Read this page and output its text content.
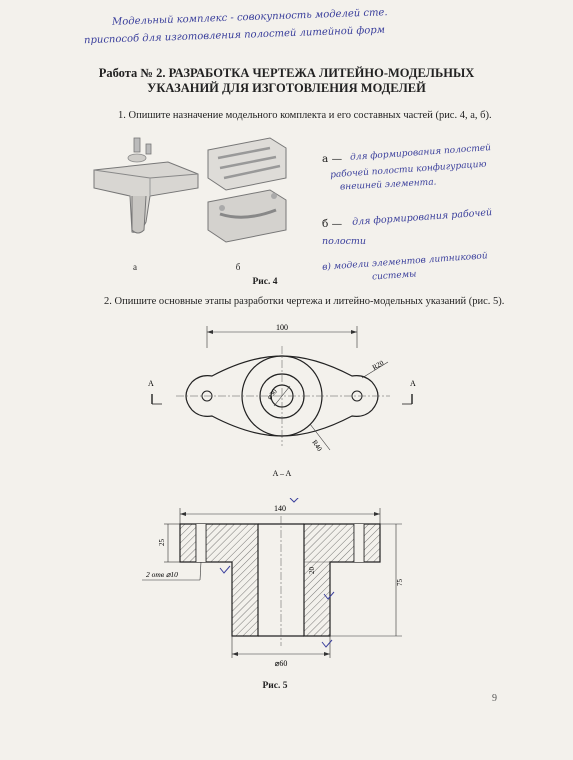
Модельный комплекс - совокупность моделей сте.
приспособ для изготовления полостей литейной форм
Работа № 2. РАЗРАБОТКА ЧЕРТЕЖА ЛИТЕЙНО-МОДЕЛЬНЫХ
УКАЗАНИЙ ДЛЯ ИЗГОТОВЛЕНИЯ МОДЕЛЕЙ
1. Опишите назначение модельного комплекта и его составных частей (рис. 4, а, б).
а	б
Рис. 4
а — для формирования полостей
рабочей полости конфигурацию
внешней элемента.
б — для формирования рабочей
полости
в) модели элементов литниковой
системы
2. Опишите основные этапы разработки чертежа и литейно-модельных указаний (рис. 5).
100
A	A
R20
⌀30
R40
A – A
140
25
2 отв ⌀10	20
75
⌀60
Рис. 5
9
